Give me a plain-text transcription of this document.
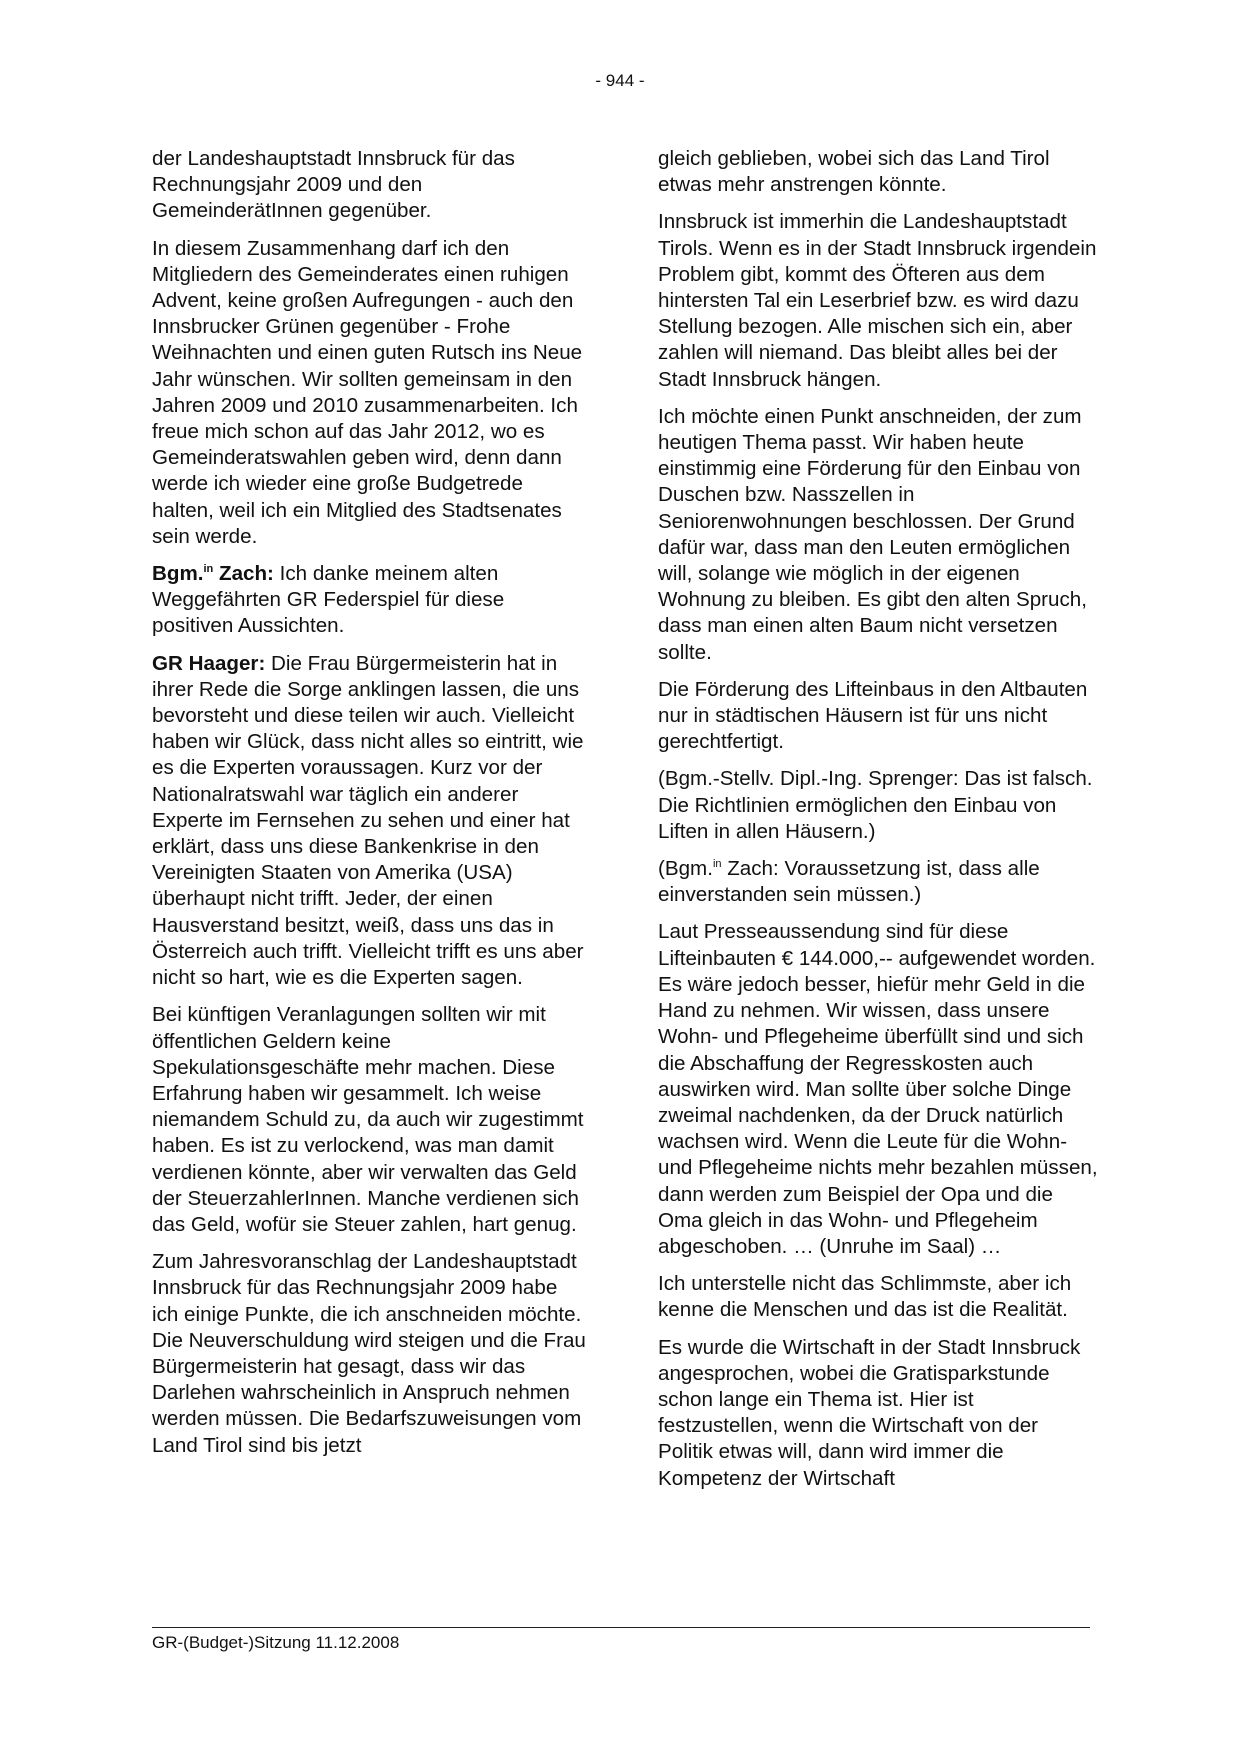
- 944 -

der Landeshauptstadt Innsbruck für das Rechnungsjahr 2009 und den GemeinderätInnen gegenüber.

In diesem Zusammenhang darf ich den Mitgliedern des Gemeinderates einen ruhigen Advent, keine großen Aufregungen - auch den Innsbrucker Grünen gegenüber - Frohe Weihnachten und einen guten Rutsch ins Neue Jahr wünschen. Wir sollten gemeinsam in den Jahren 2009 und 2010 zusammenarbeiten. Ich freue mich schon auf das Jahr 2012, wo es Gemeinderatswahlen geben wird, denn dann werde ich wieder eine große Budgetrede halten, weil ich ein Mitglied des Stadtsenates sein werde.

Bgm.$^{in}$ Zach: Ich danke meinem alten Weggefährten GR Federspiel für diese positiven Aussichten.

GR Haager: Die Frau Bürgermeisterin hat in ihrer Rede die Sorge anklingen lassen, die uns bevorsteht und diese teilen wir auch. Vielleicht haben wir Glück, dass nicht alles so eintritt, wie es die Experten voraussagen. Kurz vor der Nationalratswahl war täglich ein anderer Experte im Fernsehen zu sehen und einer hat erklärt, dass uns diese Bankenkrise in den Vereinigten Staaten von Amerika (USA) überhaupt nicht trifft. Jeder, der einen Hausverstand besitzt, weiß, dass uns das in Österreich auch trifft. Vielleicht trifft es uns aber nicht so hart, wie es die Experten sagen.

Bei künftigen Veranlagungen sollten wir mit öffentlichen Geldern keine Spekulationsgeschäfte mehr machen. Diese Erfahrung haben wir gesammelt. Ich weise niemandem Schuld zu, da auch wir zugestimmt haben. Es ist zu verlockend, was man damit verdienen könnte, aber wir verwalten das Geld der SteuerzahlerInnen. Manche verdienen sich das Geld, wofür sie Steuer zahlen, hart genug.

Zum Jahresvoranschlag der Landeshauptstadt Innsbruck für das Rechnungsjahr 2009 habe ich einige Punkte, die ich anschneiden möchte. Die Neuverschuldung wird steigen und die Frau Bürgermeisterin hat gesagt, dass wir das Darlehen wahrscheinlich in Anspruch nehmen werden müssen. Die Bedarfszuweisungen vom Land Tirol sind bis jetzt

gleich geblieben, wobei sich das Land Tirol etwas mehr anstrengen könnte.

Innsbruck ist immerhin die Landeshauptstadt Tirols. Wenn es in der Stadt Innsbruck irgendein Problem gibt, kommt des Öfteren aus dem hintersten Tal ein Leserbrief bzw. es wird dazu Stellung bezogen. Alle mischen sich ein, aber zahlen will niemand. Das bleibt alles bei der Stadt Innsbruck hängen.

Ich möchte einen Punkt anschneiden, der zum heutigen Thema passt. Wir haben heute einstimmig eine Förderung für den Einbau von Duschen bzw. Nasszellen in Seniorenwohnungen beschlossen. Der Grund dafür war, dass man den Leuten ermöglichen will, solange wie möglich in der eigenen Wohnung zu bleiben. Es gibt den alten Spruch, dass man einen alten Baum nicht versetzen sollte.

Die Förderung des Lifteinbaus in den Altbauten nur in städtischen Häusern ist für uns nicht gerechtfertigt.

(Bgm.-Stellv. Dipl.-Ing. Sprenger: Das ist falsch. Die Richtlinien ermöglichen den Einbau von Liften in allen Häusern.)

(Bgm.$^{in}$ Zach: Voraussetzung ist, dass alle einverstanden sein müssen.)

Laut Presseaussendung sind für diese Lifteinbauten € 144.000,-- aufgewendet worden. Es wäre jedoch besser, hiefür mehr Geld in die Hand zu nehmen. Wir wissen, dass unsere Wohn- und Pflegeheime überfüllt sind und sich die Abschaffung der Regresskosten auch auswirken wird. Man sollte über solche Dinge zweimal nachdenken, da der Druck natürlich wachsen wird. Wenn die Leute für die Wohn- und Pflegeheime nichts mehr bezahlen müssen, dann werden zum Beispiel der Opa und die Oma gleich in das Wohn- und Pflegeheim abgeschoben. … (Unruhe im Saal) …

Ich unterstelle nicht das Schlimmste, aber ich kenne die Menschen und das ist die Realität.

Es wurde die Wirtschaft in der Stadt Innsbruck angesprochen, wobei die Gratisparkstunde schon lange ein Thema ist. Hier ist festzustellen, wenn die Wirtschaft von der Politik etwas will, dann wird immer die Kompetenz der Wirtschaft

GR-(Budget-)Sitzung 11.12.2008
